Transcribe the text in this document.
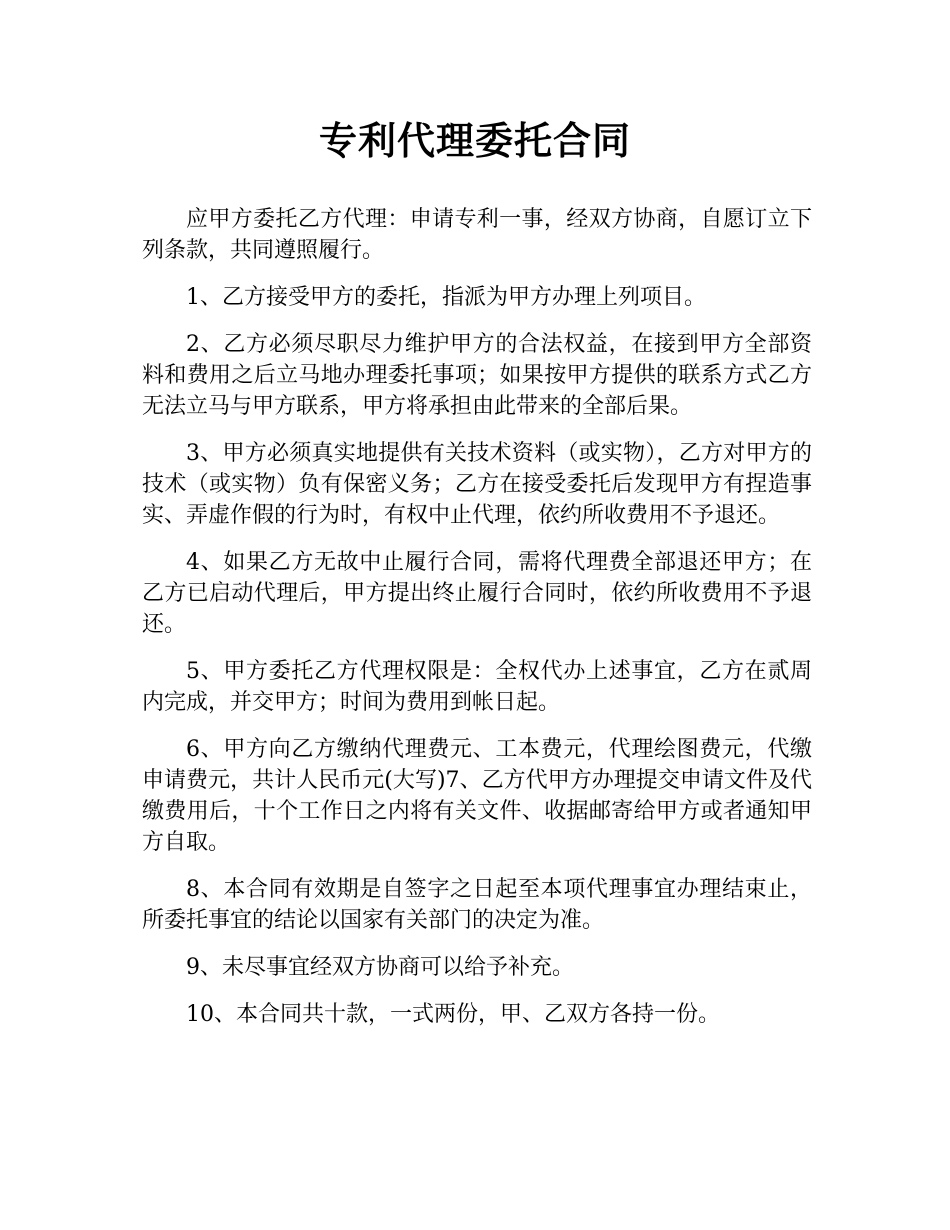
专利代理委托合同

应甲方委托乙方代理：申请专利一事，经双方协商，自愿订立下列条款，共同遵照履行。

1、乙方接受甲方的委托，指派为甲方办理上列项目。

2、乙方必须尽职尽力维护甲方的合法权益，在接到甲方全部资料和费用之后立马地办理委托事项；如果按甲方提供的联系方式乙方无法立马与甲方联系，甲方将承担由此带来的全部后果。

3、甲方必须真实地提供有关技术资料（或实物），乙方对甲方的技术（或实物）负有保密义务；乙方在接受委托后发现甲方有捏造事实、弄虚作假的行为时，有权中止代理，依约所收费用不予退还。

4、如果乙方无故中止履行合同，需将代理费全部退还甲方；在乙方已启动代理后，甲方提出终止履行合同时，依约所收费用不予退还。

5、甲方委托乙方代理权限是：全权代办上述事宜，乙方在贰周内完成，并交甲方；时间为费用到帐日起。

6、甲方向乙方缴纳代理费元、工本费元，代理绘图费元，代缴申请费元，共计人民币元(大写)7、乙方代甲方办理提交申请文件及代缴费用后，十个工作日之内将有关文件、收据邮寄给甲方或者通知甲方自取。

8、本合同有效期是自签字之日起至本项代理事宜办理结束止，所委托事宜的结论以国家有关部门的决定为准。

9、未尽事宜经双方协商可以给予补充。

10、本合同共十款，一式两份，甲、乙双方各持一份。
